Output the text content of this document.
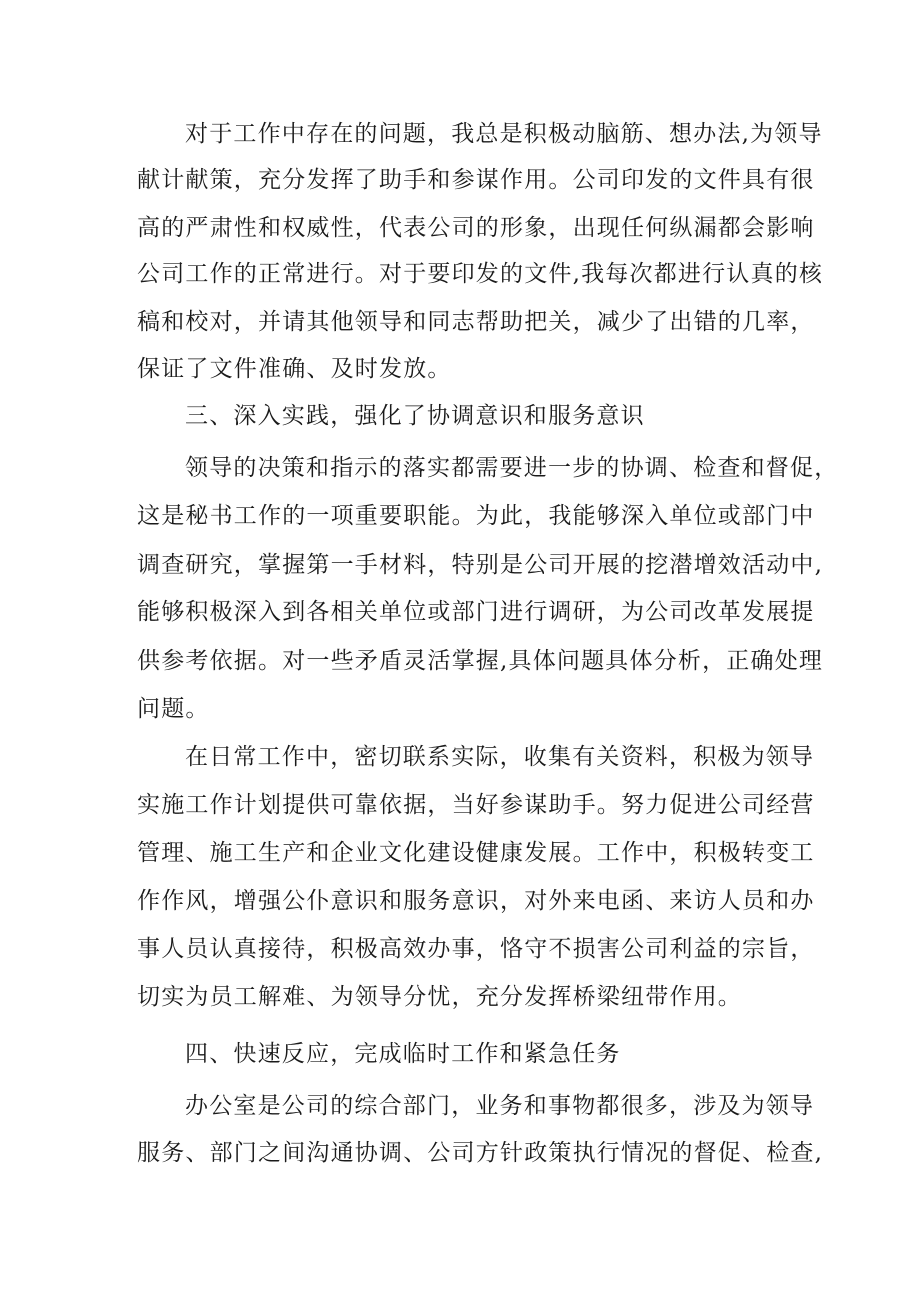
对于工作中存在的问题，我总是积极动脑筋、想办法,为领导
献计献策，充分发挥了助手和参谋作用。公司印发的文件具有很
高的严肃性和权威性，代表公司的形象，出现任何纵漏都会影响
公司工作的正常进行。对于要印发的文件,我每次都进行认真的核
稿和校对，并请其他领导和同志帮助把关，减少了出错的几率，
保证了文件准确、及时发放。
三、深入实践，强化了协调意识和服务意识
领导的决策和指示的落实都需要进一步的协调、检查和督促，
这是秘书工作的一项重要职能。为此，我能够深入单位或部门中
调查研究，掌握第一手材料，特别是公司开展的挖潜增效活动中,
能够积极深入到各相关单位或部门进行调研，为公司改革发展提
供参考依据。对一些矛盾灵活掌握,具体问题具体分析，正确处理
问题。
在日常工作中，密切联系实际，收集有关资料，积极为领导
实施工作计划提供可靠依据，当好参谋助手。努力促进公司经营
管理、施工生产和企业文化建设健康发展。工作中，积极转变工
作作风，增强公仆意识和服务意识，对外来电函、来访人员和办
事人员认真接待，积极高效办事，恪守不损害公司利益的宗旨，
切实为员工解难、为领导分忧，充分发挥桥梁纽带作用。
四、快速反应，完成临时工作和紧急任务
办公室是公司的综合部门，业务和事物都很多，涉及为领导
服务、部门之间沟通协调、公司方针政策执行情况的督促、检查,
